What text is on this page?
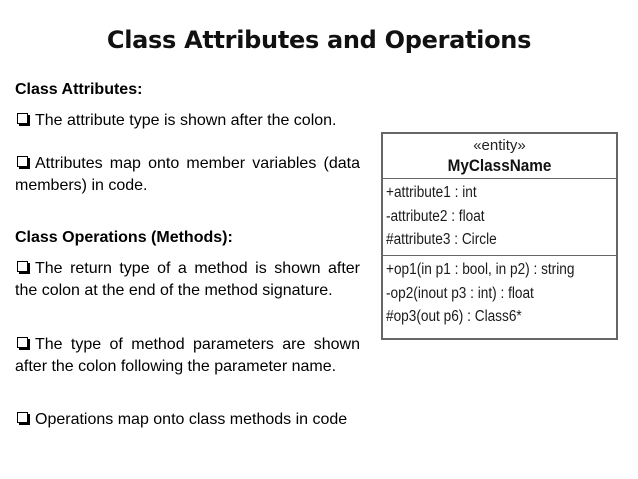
Class Attributes and Operations
Class Attributes:
The attribute type is shown after the colon.
Attributes map onto member variables (data members) in code.
Class Operations (Methods):
The return type of a method is shown after the colon at the end of the method signature.
The type of method parameters are shown after the colon following the parameter name.
Operations map onto class methods in code
«entity»
MyClassName
+attribute1 : int
-attribute2 : float
#attribute3 : Circle
+op1(in p1 : bool, in p2) : string
-op2(inout p3 : int) : float
#op3(out p6) : Class6*
